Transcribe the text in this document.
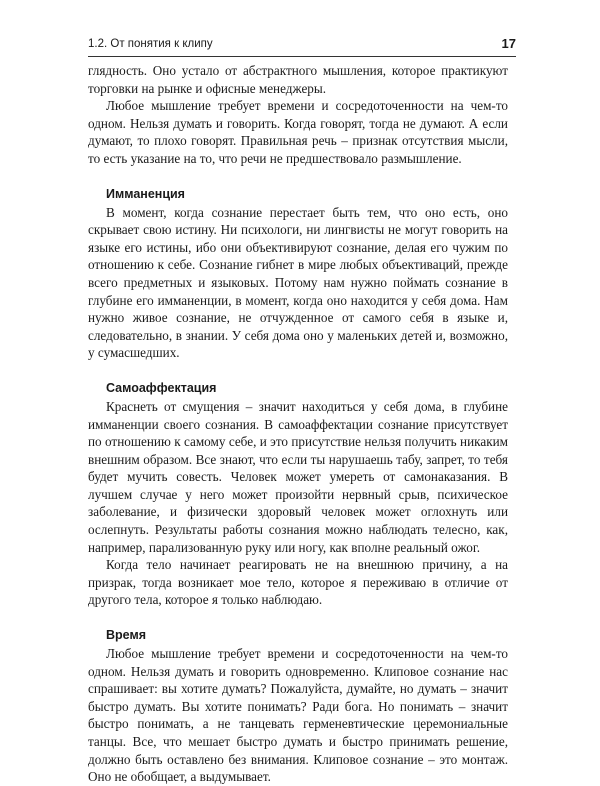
1.2. От понятия к клипу	17

глядность. Оно устало от абстрактного мышления, которое практикуют торговки на рынке и офисные менеджеры.

Любое мышление требует времени и сосредоточенности на чем-то одном. Нельзя думать и говорить. Когда говорят, тогда не думают. А если думают, то плохо говорят. Правильная речь – признак отсутствия мысли, то есть указание на то, что речи не предшествовало размышление.

Имманенция

В момент, когда сознание перестает быть тем, что оно есть, оно скрывает свою истину. Ни психологи, ни лингвисты не могут говорить на языке его истины, ибо они объективируют сознание, делая его чужим по отношению к себе. Сознание гибнет в мире любых объективаций, прежде всего предметных и языковых. Потому нам нужно поймать сознание в глубине его имманенции, в момент, когда оно находится у себя дома. Нам нужно живое сознание, не отчужденное от самого себя в языке и, следовательно, в знании. У себя дома оно у маленьких детей и, возможно, у сумасшедших.

Самоаффектация

Краснеть от смущения – значит находиться у себя дома, в глубине имманенции своего сознания. В самоаффектации сознание присутствует по отношению к самому себе, и это присутствие нельзя получить никаким внешним образом. Все знают, что если ты нарушаешь табу, запрет, то тебя будет мучить совесть. Человек может умереть от самонаказания. В лучшем случае у него может произойти нервный срыв, психическое заболевание, и физически здоровый человек может оглохнуть или ослепнуть. Результаты работы сознания можно наблюдать телесно, как, например, парализованную руку или ногу, как вполне реальный ожог.

Когда тело начинает реагировать не на внешнюю причину, а на призрак, тогда возникает мое тело, которое я переживаю в отличие от другого тела, которое я только наблюдаю.

Время

Любое мышление требует времени и сосредоточенности на чем-то одном. Нельзя думать и говорить одновременно. Клиповое сознание нас спрашивает: вы хотите думать? Пожалуйста, думайте, но думать – значит быстро думать. Вы хотите понимать? Ради бога. Но понимать – значит быстро понимать, а не танцевать герменевтические церемониальные танцы. Все, что мешает быстро думать и быстро принимать решение, должно быть оставлено без внимания. Клиповое сознание – это монтаж. Оно не обобщает, а выдумывает.
